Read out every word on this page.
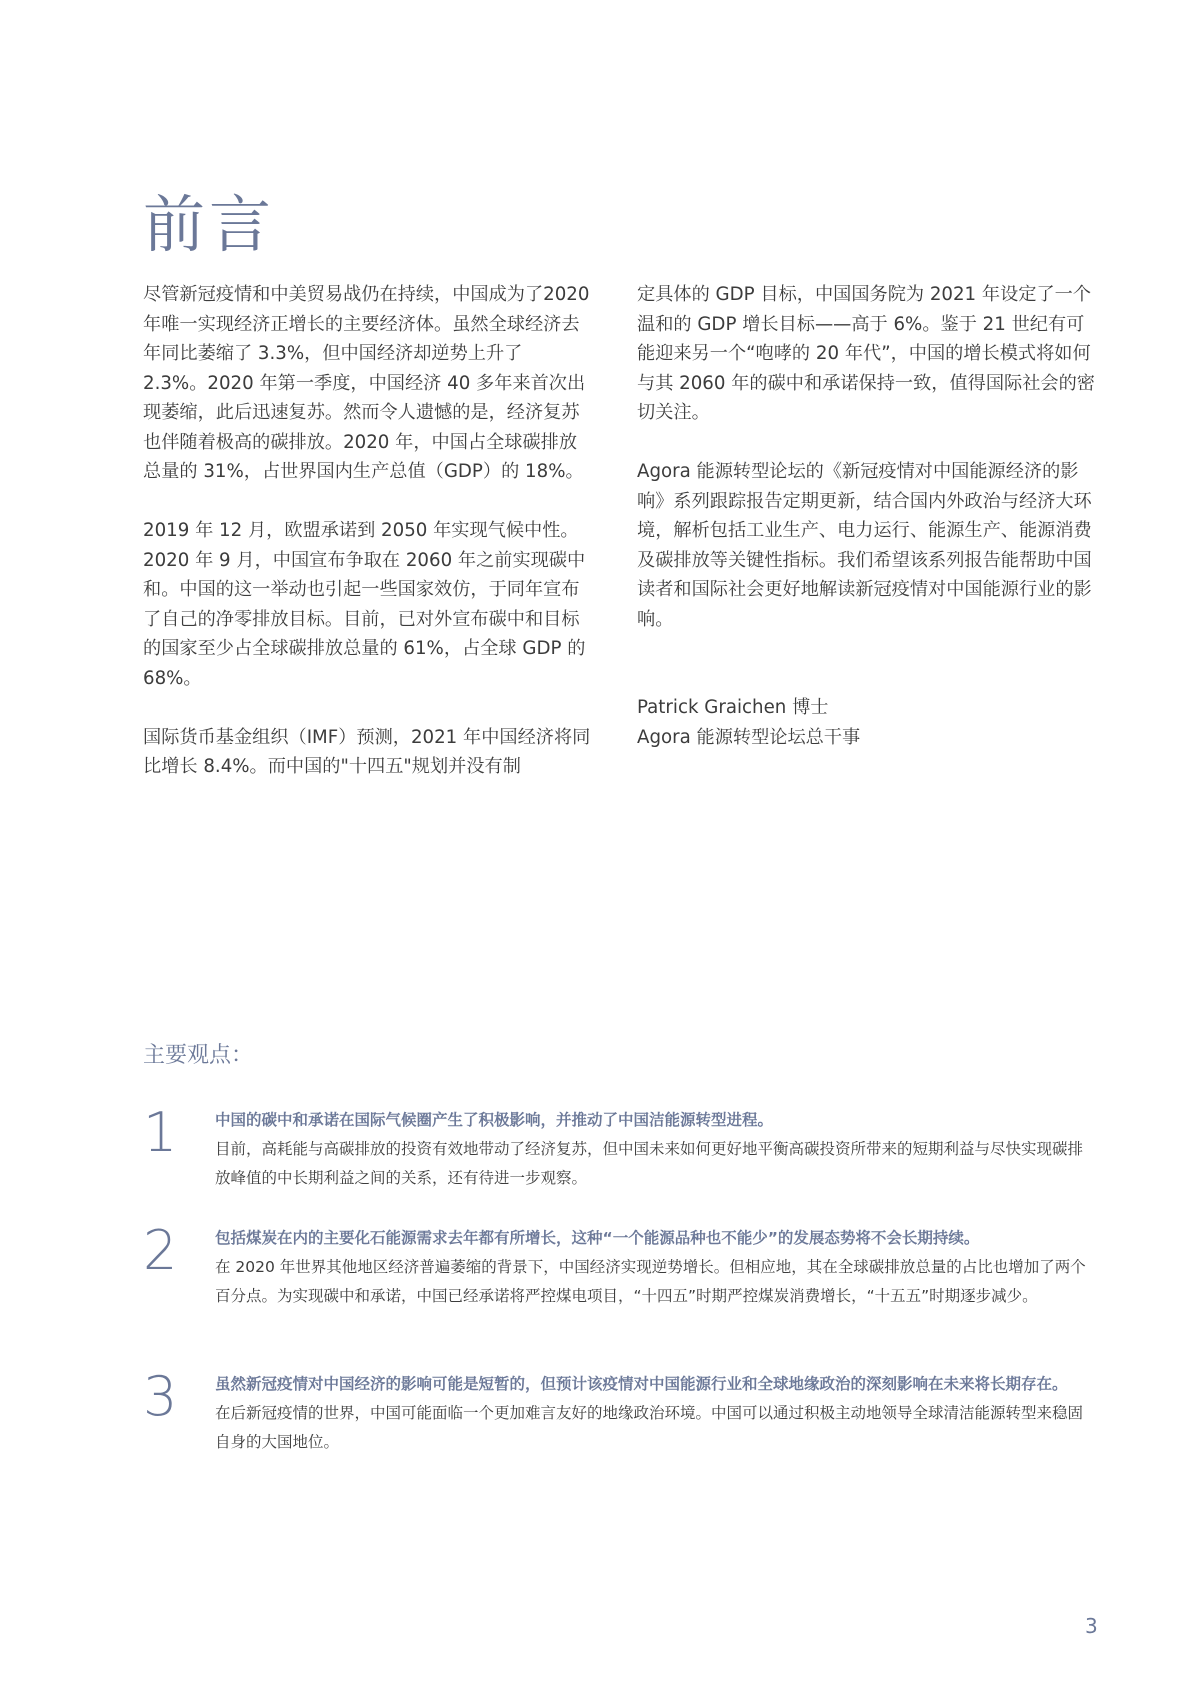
前言

尽管新冠疫情和中美贸易战仍在持续，中国成为了2020 年唯一实现经济正增长的主要经济体。虽然全球经济去年同比萎缩了 3.3%，但中国经济却逆势上升了 2.3%。2020 年第一季度，中国经济 40 多年来首次出现萎缩，此后迅速复苏。然而令人遗憾的是，经济复苏也伴随着极高的碳排放。2020 年，中国占全球碳排放总量的 31%，占世界国内生产总值（GDP）的 18%。

2019 年 12 月，欧盟承诺到 2050 年实现气候中性。2020 年 9 月，中国宣布争取在 2060 年之前实现碳中和。中国的这一举动也引起一些国家效仿，于同年宣布了自己的净零排放目标。目前，已对外宣布碳中和目标的国家至少占全球碳排放总量的 61%，占全球 GDP 的 68%。

国际货币基金组织（IMF）预测，2021 年中国经济将同比增长 8.4%。而中国的"十四五"规划并没有制

定具体的 GDP 目标，中国国务院为 2021 年设定了一个温和的 GDP 增长目标——高于 6%。鉴于 21 世纪有可能迎来另一个“咆哮的 20 年代”，中国的增长模式将如何与其 2060 年的碳中和承诺保持一致，值得国际社会的密切关注。

Agora 能源转型论坛的《新冠疫情对中国能源经济的影响》系列跟踪报告定期更新，结合国内外政治与经济大环境，解析包括工业生产、电力运行、能源生产、能源消费及碳排放等关键性指标。我们希望该系列报告能帮助中国读者和国际社会更好地解读新冠疫情对中国能源行业的影响。

Patrick Graichen 博士
Agora 能源转型论坛总干事
主要观点：
1 中国的碳中和承诺在国际气候圈产生了积极影响，并推动了中国洁能源转型进程。
目前，高耗能与高碳排放的投资有效地带动了经济复苏，但中国未来如何更好地平衡高碳投资所带来的短期利益与尽快实现碳排放峰值的中长期利益之间的关系，还有待进一步观察。
2 包括煤炭在内的主要化石能源需求去年都有所增长，这种“一个能源品种也不能少”的发展态势将不会长期持续。
在 2020 年世界其他地区经济普遍萎缩的背景下，中国经济实现逆势增长。但相应地，其在全球碳排放总量的占比也增加了两个百分点。为实现碳中和承诺，中国已经承诺将严控煤电项目，“十四五”时期严控煤炭消费增长，“十五五”时期逐步减少。
3 虽然新冠疫情对中国经济的影响可能是短暂的，但预计该疫情对中国能源行业和全球地缘政治的深刻影响在未来将长期存在。
在后新冠疫情的世界，中国可能面临一个更加难言友好的地缘政治环境。中国可以通过积极主动地领导全球清洁能源转型来稳固自身的大国地位。
3
